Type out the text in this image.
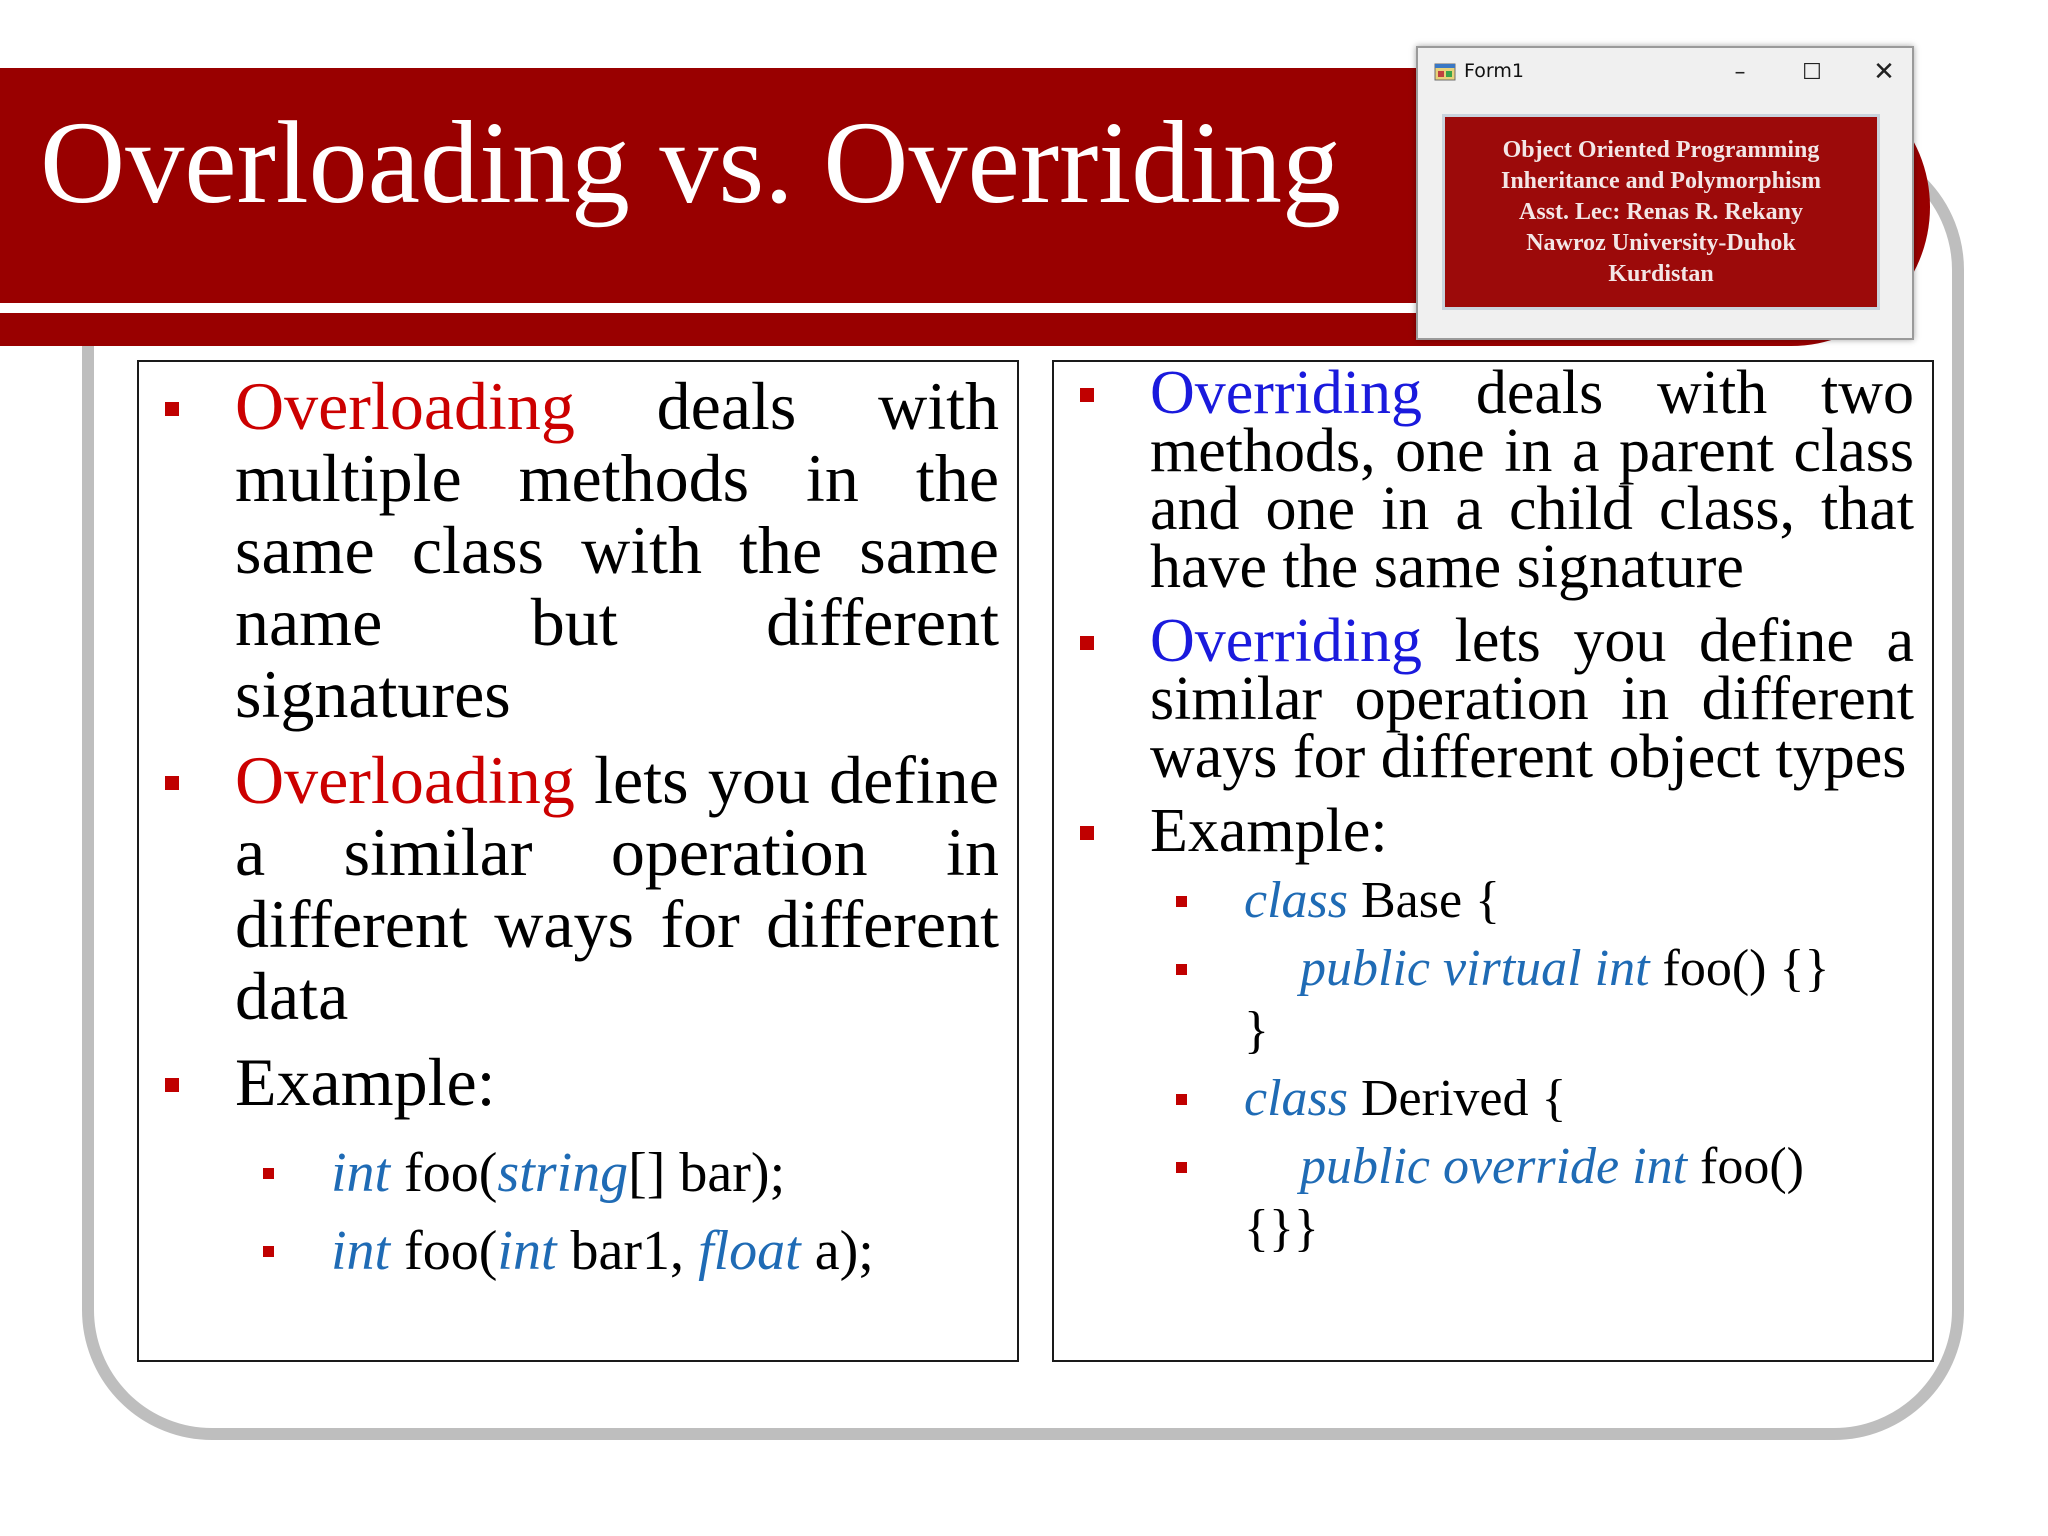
Overloading vs. Overriding
Overloading deals with multiple methods in the same class with the same name but different signatures
Overloading lets you define a similar operation in different ways for different data
Example:
int foo(string[] bar);
int foo(int bar1, float a);
Overriding deals with two methods, one in a parent class and one in a child class, that have the same signature
Overriding lets you define a similar operation in different ways for different object types
Example:
class Base {
public virtual int foo() {}
}
class Derived {
public override int foo()
{}}
Form1	–	☐	✕
Object Oriented Programming
Inheritance and Polymorphism
Asst. Lec: Renas R. Rekany
Nawroz University-Duhok
Kurdistan
